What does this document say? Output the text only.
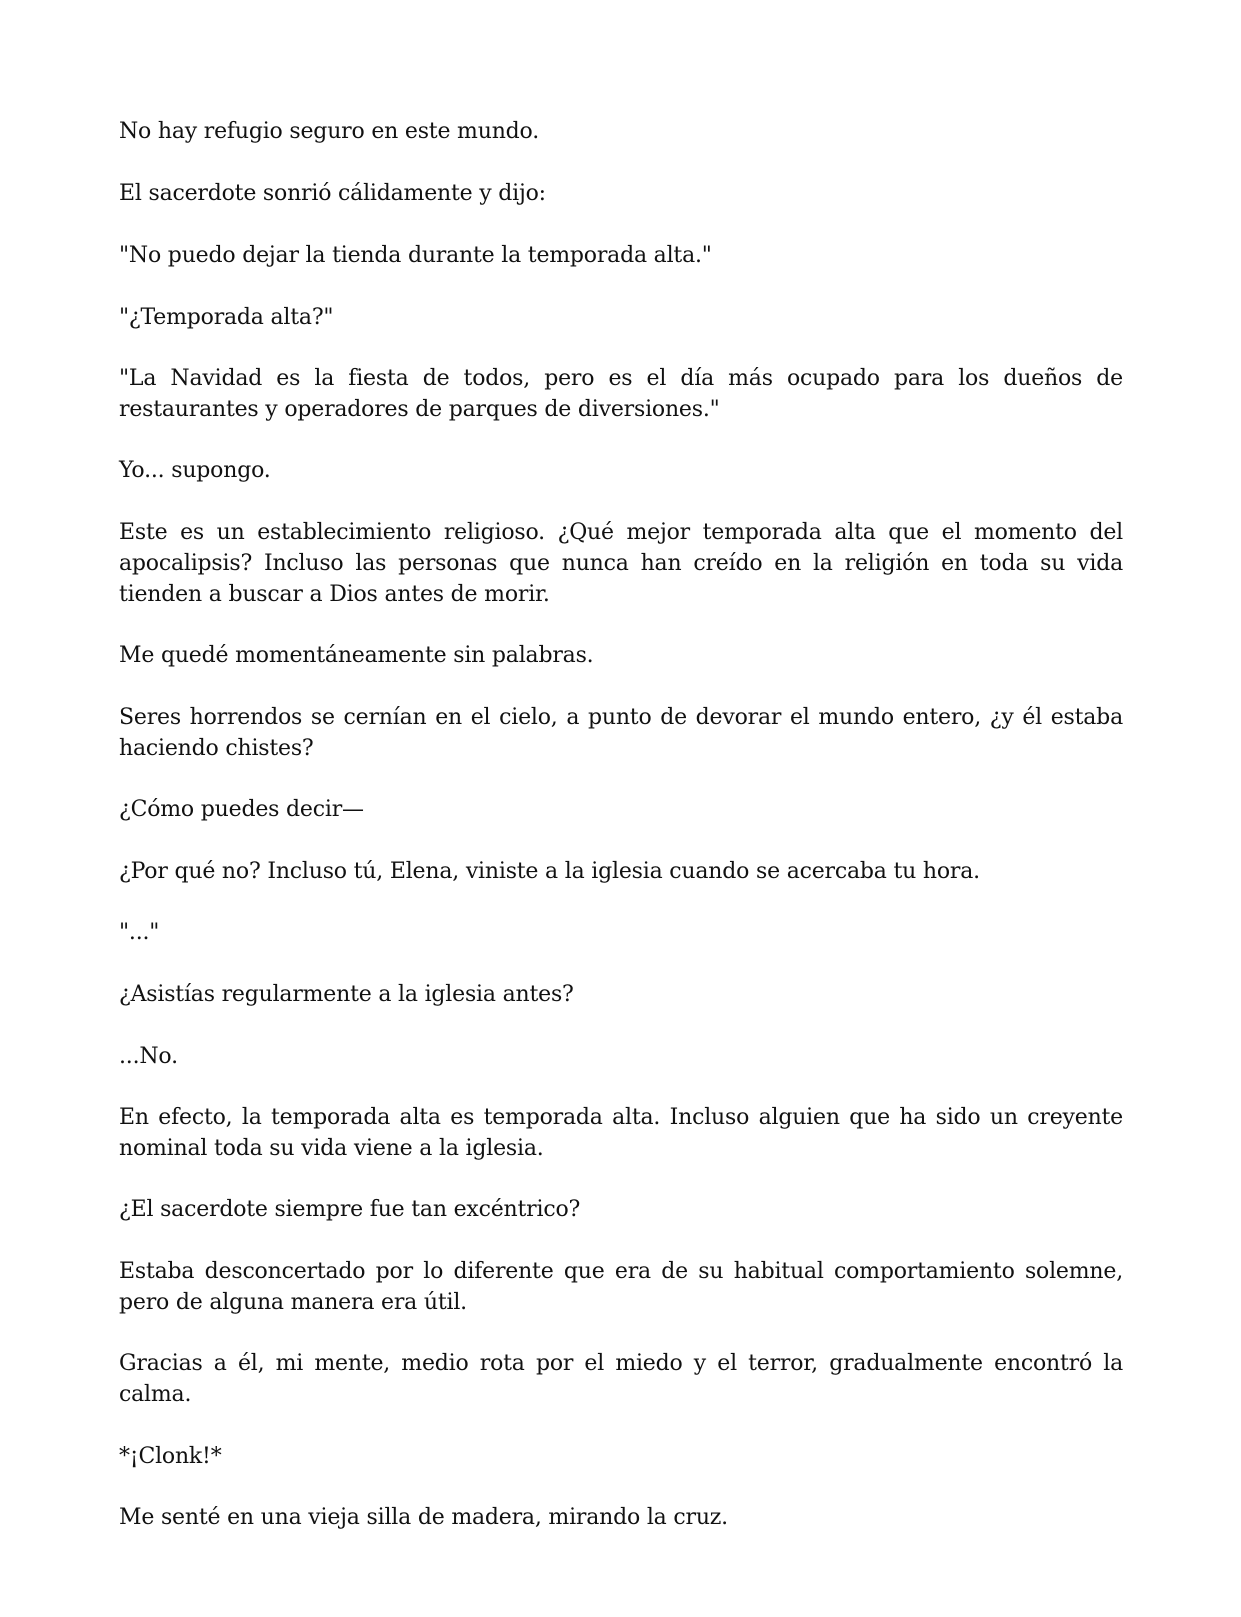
No hay refugio seguro en este mundo.

El sacerdote sonrió cálidamente y dijo:

"No puedo dejar la tienda durante la temporada alta."

"¿Temporada alta?"

"La Navidad es la fiesta de todos, pero es el día más ocupado para los dueños de restaurantes y operadores de parques de diversiones."

Yo... supongo.

Este es un establecimiento religioso. ¿Qué mejor temporada alta que el momento del apocalipsis? Incluso las personas que nunca han creído en la religión en toda su vida tienden a buscar a Dios antes de morir.

Me quedé momentáneamente sin palabras.

Seres horrendos se cernían en el cielo, a punto de devorar el mundo entero, ¿y él estaba haciendo chistes?

¿Cómo puedes decir—

¿Por qué no? Incluso tú, Elena, viniste a la iglesia cuando se acercaba tu hora.

"..."

¿Asistías regularmente a la iglesia antes?

...No.

En efecto, la temporada alta es temporada alta. Incluso alguien que ha sido un creyente nominal toda su vida viene a la iglesia.

¿El sacerdote siempre fue tan excéntrico?

Estaba desconcertado por lo diferente que era de su habitual comportamiento solemne, pero de alguna manera era útil.

Gracias a él, mi mente, medio rota por el miedo y el terror, gradualmente encontró la calma.

*¡Clonk!*

Me senté en una vieja silla de madera, mirando la cruz.
